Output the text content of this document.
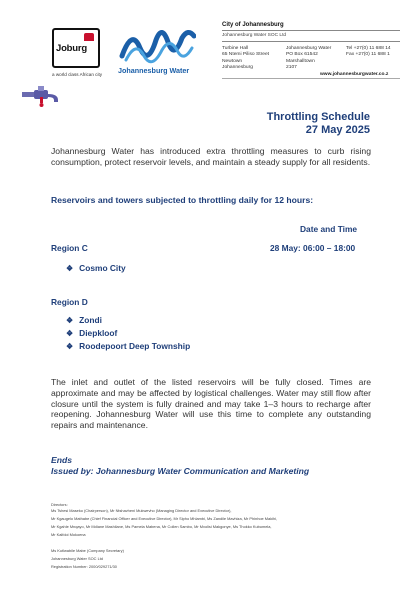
Joburg
a world class African city Johannesburg Water
City of Johannesburg
Johannesburg Water SOC Ltd
Turbine Hall
65 Ntemi Piliso Street
Newtown
Johannesburg
Johannesburg Water
PO Box 61542
Marshalltown
2107
Tel +27(0) 11 688 14
Fax +27(0) 11 688 1

www.johannesburgwater.co.z
Throttling Schedule
27 May 2025
Johannesburg Water has introduced extra throttling measures to curb rising consumption, protect reservoir levels, and maintain a steady supply for all residents.
Reservoirs and towers subjected to throttling daily for 12 hours:
Date and Time
Region C	28 May: 06:00 – 18:00
❖ Cosmo City
Region D
❖ Zondi
❖ Diepkloof
❖ Roodepoort Deep Township
The inlet and outlet of the listed reservoirs will be fully closed. Times are approximate and may be affected by logistical challenges. Water may still flow after closure until the system is fully drained and may take 1–3 hours to recharge after reopening. Johannesburg Water will use this time to complete any outstanding repairs and maintenance.
Ends
Issued by: Johannesburg Water Communication and Marketing
Directors:
Ms Tshesi Maseko (Chairperson), Mr Ntshavheni Mukwevho (Managing Director and Executive Director),
Mr Kgaugelo Mathabe (Chief Financial Officer and Executive Director), Mr Sipho Mhlambi, Ms Zandile Mavhiza, Mr Phinhoe Makihi,
Mr Kgahle Mnqayo, Mr Mdiane Mashilane, Ms Pamela Mabena, Mr Collen Sambo, Mr Mxolisi Makgonye, Ms Thokko Kubumela,
Mr Kalfdoi Mokoena
Ms Kutlwabile Mabe (Company Secretary)
Johannesburg Water SOC Ltd
Registration Number: 2000/029271/30
